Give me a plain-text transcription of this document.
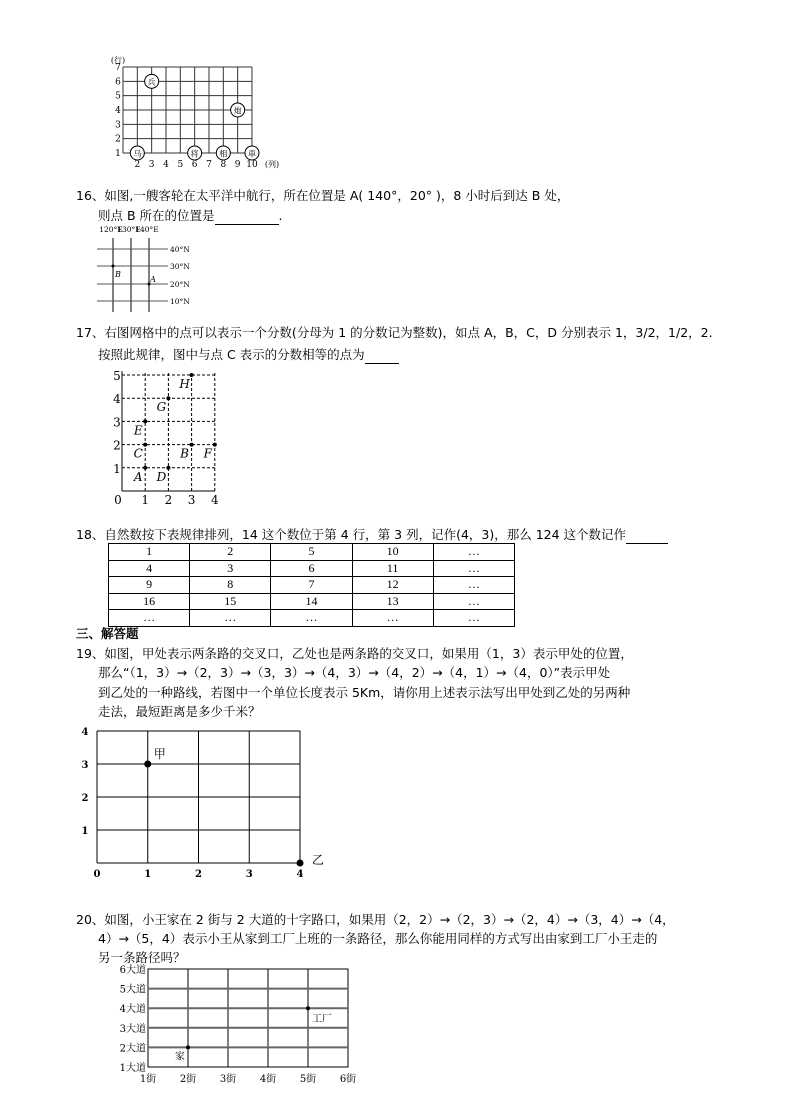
1
2
3
4
5
6
7
2 3 4 5 6 7 8 9 10
(行)
(列)
兵
炮
马	将	相	車
120°E
130°E
140°E
40°N
30°N
20°N
10°N
B
A
0 1 2 3 4
1
2
3
4
5
A
B
C
D
E
F
G
H
0	1	2	3	4
1
2
3
4
甲
乙
1街 2街 3街 4街 5街 6街
1大道
2大道
3大道
4大道
5大道
6大道
家
工厂
16、如图,一艘客轮在太平洋中航行，所在位置是 A( 140°，20° )，8 小时后到达 B 处，
则点 B 所在的位置是	.
17、右图网格中的点可以表示一个分数(分母为 1 的分数记为整数)，如点 A，B，C，D 分别表示 1，3/2，1/2，2.
按照此规律，图中与点 C 表示的分数相等的点为
18、自然数按下表规律排列，14 这个数位于第 4 行，第 3 列，记作(4，3)，那么 124 这个数记作
1	2	5	10	…
4	3	6	11	…
9	8	7	12	…
16	15	14	13	…
…	…	…	…	…
三、解答题
19、如图，甲处表示两条路的交叉口，乙处也是两条路的交叉口，如果用（1，3）表示甲处的位置，
那么“（1，3）→（2，3）→（3，3）→（4，3）→（4，2）→（4，1）→（4，0）”表示甲处
到乙处的一种路线，若图中一个单位长度表示 5Km，请你用上述表示法写出甲处到乙处的另两种
走法，最短距离是多少千米？
20、如图，小王家在 2 街与 2 大道的十字路口，如果用（2，2）→（2，3）→（2，4）→（3，4）→（4，
4）→（5，4）表示小王从家到工厂上班的一条路径，那么你能用同样的方式写出由家到工厂小王走的
另一条路径吗？
